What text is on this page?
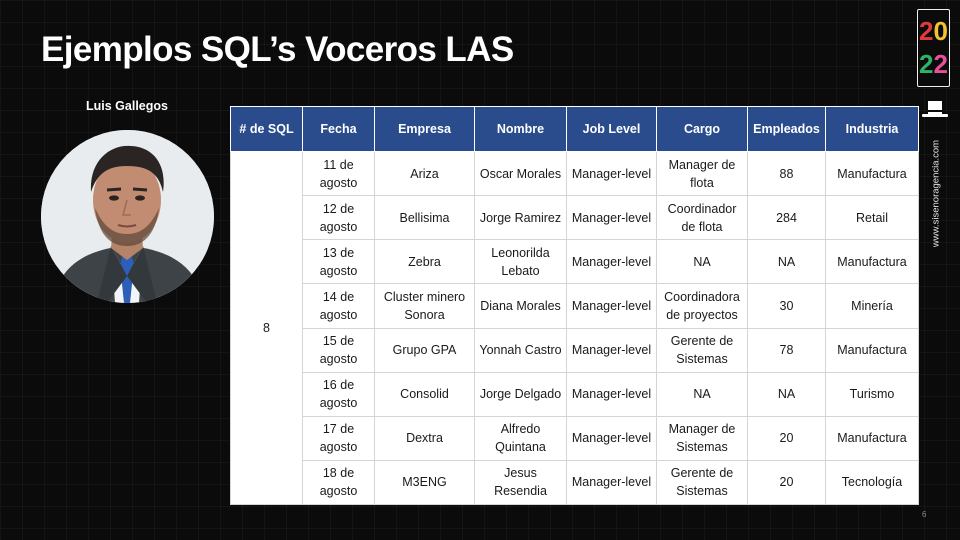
Ejemplos SQL’s Voceros LAS
Luis Gallegos
# de SQL	Fecha	Empresa	Nombre	Job Level	Cargo	Empleados	Industria
8	11 de agosto	Ariza	Oscar Morales	Manager-level	Manager de flota	88	Manufactura
	12 de agosto	Bellisima	Jorge Ramirez	Manager-level	Coordinador de flota	284	Retail
	13 de agosto	Zebra	Leonorilda Lebato	Manager-level	NA	NA	Manufactura
	14 de agosto	Cluster minero Sonora	Diana Morales	Manager-level	Coordinadora de proyectos	30	Minería
	15 de agosto	Grupo GPA	Yonnah Castro	Manager-level	Gerente de Sistemas	78	Manufactura
	16 de agosto	Consolid	Jorge Delgado	Manager-level	NA	NA	Turismo
	17 de agosto	Dextra	Alfredo Quintana	Manager-level	Manager de Sistemas	20	Manufactura
	18 de agosto	M3ENG	Jesus Resendia	Manager-level	Gerente de Sistemas	20	Tecnología
2 0
2 2
www.sisenoragencia.com
6
